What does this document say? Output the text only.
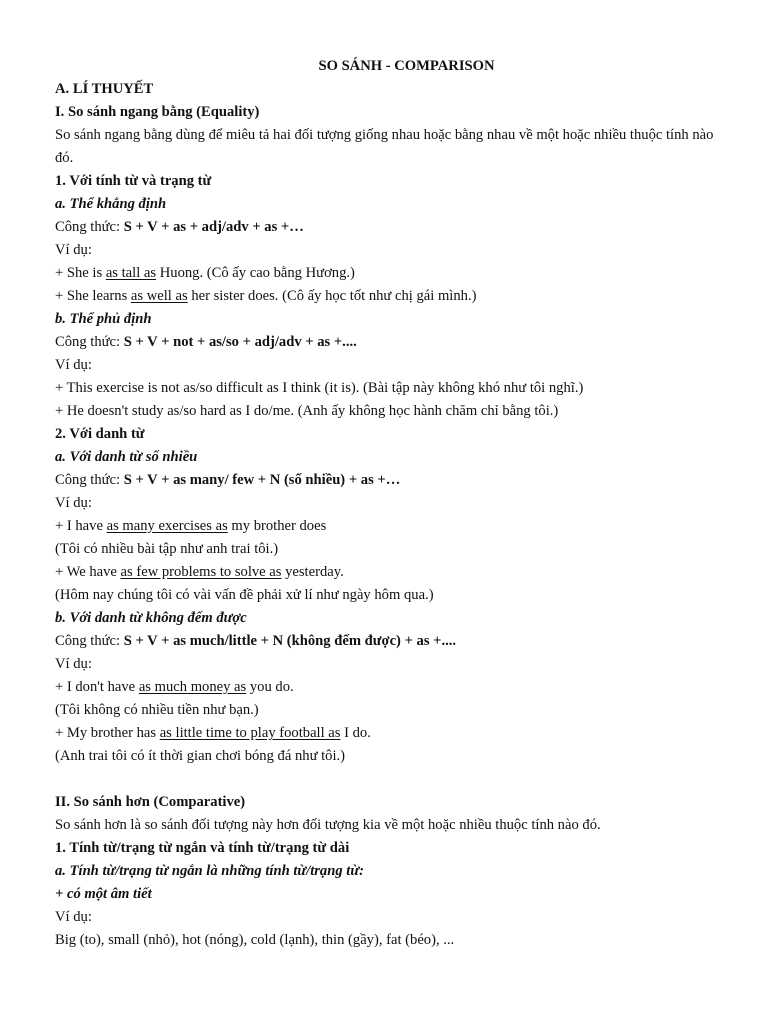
SO SÁNH - COMPARISON

A. LÍ THUYẾT

I. So sánh ngang bằng (Equality)

So sánh ngang bằng dùng để miêu tả hai đối tượng giống nhau hoặc bằng nhau về một hoặc nhiều thuộc tính nào đó.

1. Với tính từ và trạng từ

a. Thể khẳng định

Công thức: S + V + as + adj/adv + as +…

Ví dụ:

+ She is as tall as Huong. (Cô ấy cao bằng Hương.)

+ She learns as well as her sister does. (Cô ấy học tốt như chị gái mình.)

b. Thể phủ định

Công thức: S + V + not + as/so + adj/adv + as +....

Ví dụ:

+ This exercise is not as/so difficult as I think (it is). (Bài tập này không khó như tôi nghĩ.)

+ He doesn't study as/so hard as I do/me. (Anh ấy không học hành chăm chỉ bằng tôi.)

2. Với danh từ

a. Với danh từ số nhiều

Công thức: S + V + as many/ few + N (số nhiều) + as +…

Ví dụ:

+ I have as many exercises as my brother does

(Tôi có nhiều bài tập như anh trai tôi.)

+ We have as few problems to solve as yesterday.

(Hôm nay chúng tôi có vài vấn đề phải xử lí như ngày hôm qua.)

b. Với danh từ không đếm được

Công thức: S + V + as much/little + N (không đếm được) + as +....

Ví dụ:

+ I don't have as much money as you do.

(Tôi không có nhiều tiền như bạn.)

+ My brother has as little time to play football as I do.

(Anh trai tôi có ít thời gian chơi bóng đá như tôi.)

II. So sánh hơn (Comparative)

So sánh hơn là so sánh đối tượng này hơn đối tượng kia về một hoặc nhiều thuộc tính nào đó.

1. Tính từ/trạng từ ngắn và tính từ/trạng từ dài

a. Tính từ/trạng từ ngắn là những tính từ/trạng từ:

+ có một âm tiết

Ví dụ:

Big (to), small (nhỏ), hot (nóng), cold (lạnh), thin (gầy), fat (béo), ...
